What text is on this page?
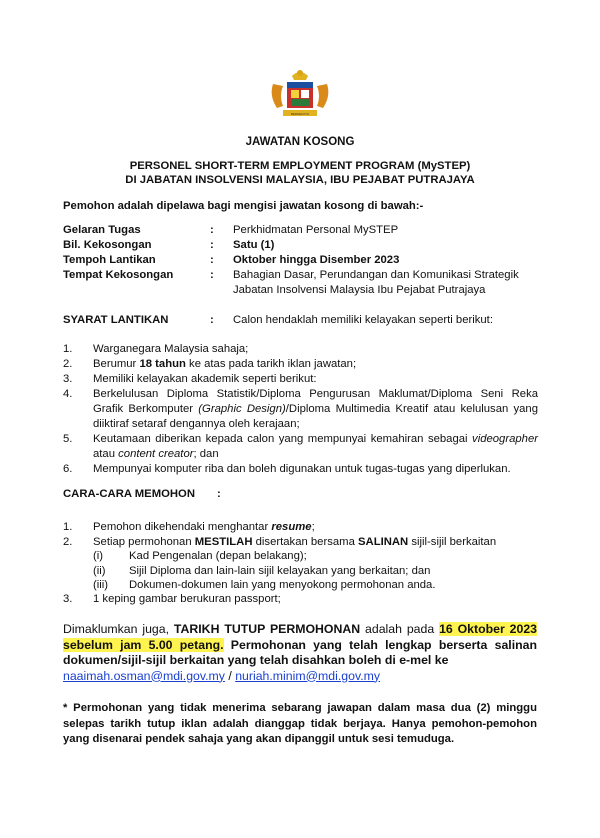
BERSEKUTU
JAWATAN KOSONG
PERSONEL SHORT-TERM EMPLOYMENT PROGRAM (MySTEP)
DI JABATAN INSOLVENSI MALAYSIA, IBU PEJABAT PUTRAJAYA
Pemohon adalah dipelawa bagi mengisi jawatan kosong di bawah:-
Gelaran Tugas	: Perkhidmatan Personal MySTEP
Bil. Kekosongan	: Satu (1)
Tempoh Lantikan	: Oktober hingga Disember 2023
Tempat Kekosongan	: Bahagian Dasar, Perundangan dan Komunikasi Strategik
Jabatan Insolvensi Malaysia Ibu Pejabat Putrajaya
SYARAT LANTIKAN	: Calon hendaklah memiliki kelayakan seperti berikut:
1. Warganegara Malaysia sahaja;
2. Berumur 18 tahun ke atas pada tarikh iklan jawatan;
3. Memiliki kelayakan akademik seperti berikut:
4. Berkelulusan Diploma Statistik/Diploma Pengurusan Maklumat/Diploma Seni Reka Grafik Berkomputer (Graphic Design)/Diploma Multimedia Kreatif atau kelulusan yang diiktiraf setaraf dengannya oleh kerajaan;
5. Keutamaan diberikan kepada calon yang mempunyai kemahiran sebagai videographer atau content creator; dan
6. Mempunyai komputer riba dan boleh digunakan untuk tugas-tugas yang diperlukan.
CARA-CARA MEMOHON :
1. Pemohon dikehendaki menghantar resume;
2. Setiap permohonan MESTILAH disertakan bersama SALINAN sijil-sijil berkaitan
(i) Kad Pengenalan (depan belakang);
(ii) Sijil Diploma dan lain-lain sijil kelayakan yang berkaitan; dan
(iii) Dokumen-dokumen lain yang menyokong permohonan anda.
3. 1 keping gambar berukuran passport;
Dimaklumkan juga, TARIKH TUTUP PERMOHONAN adalah pada 16 Oktober 2023 sebelum jam 5.00 petang. Permohonan yang telah lengkap berserta salinan dokumen/sijil-sijil berkaitan yang telah disahkan boleh di e-mel ke
naaimah.osman@mdi.gov.my / nuriah.minim@mdi.gov.my
* Permohonan yang tidak menerima sebarang jawapan dalam masa dua (2) minggu selepas tarikh tutup iklan adalah dianggap tidak berjaya. Hanya pemohon-pemohon yang disenarai pendek sahaja yang akan dipanggil untuk sesi temuduga.
